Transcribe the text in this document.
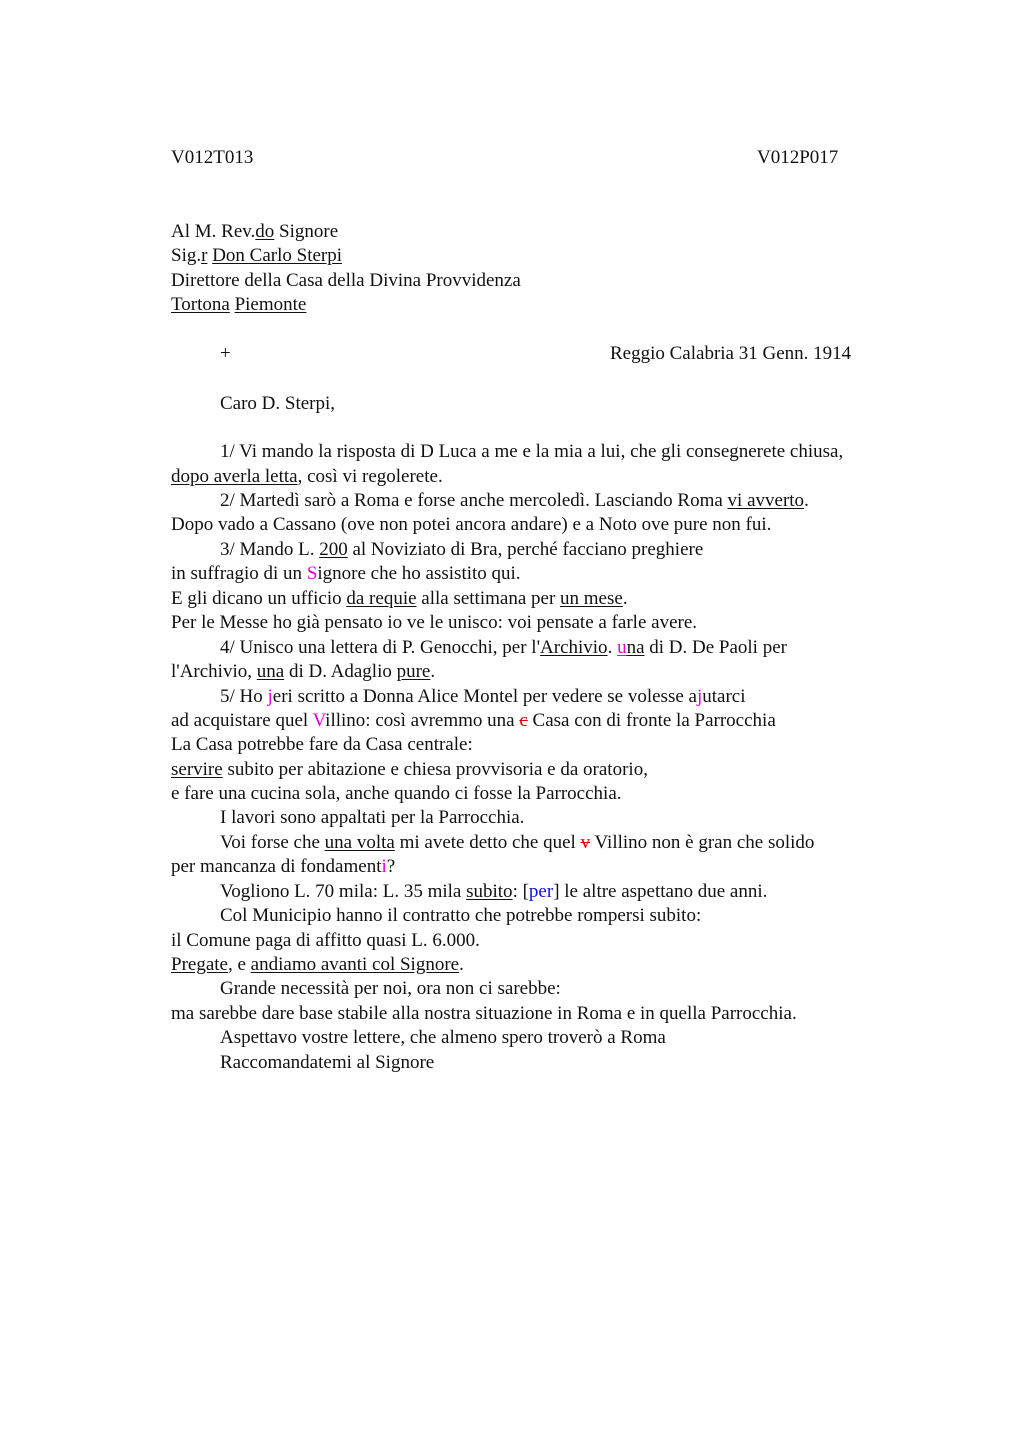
V012T013	V012P017
Al M. Rev.do Signore
Sig.r Don Carlo Sterpi
Direttore della Casa della Divina Provvidenza
Tortona Piemonte
+	Reggio Calabria 31 Genn. 1914
Caro D. Sterpi,
1/ Vi mando la risposta di D Luca a me e la mia a lui, che gli consegnerete chiusa,
dopo averla letta, così vi regolerete.
2/ Martedì sarò a Roma e forse anche mercoledì. Lasciando Roma vi avverto.
Dopo vado a Cassano (ove non potei ancora andare) e a Noto ove pure non fui.
3/ Mando L. 200 al Noviziato di Bra, perché facciano preghiere
in suffragio di un Signore che ho assistito qui.
E gli dicano un ufficio da requie alla settimana per un mese.
Per le Messe ho già pensato io ve le unisco: voi pensate a farle avere.
4/ Unisco una lettera di P. Genocchi, per l'Archivio. una di D. De Paoli per
l'Archivio, una di D. Adaglio pure.
5/ Ho jeri scritto a Donna Alice Montel per vedere se volesse ajutarci
ad acquistare quel Villino: così avremmo una c Casa con di fronte la Parrocchia
La Casa potrebbe fare da Casa centrale:
servire subito per abitazione e chiesa provvisoria e da oratorio,
e fare una cucina sola, anche quando ci fosse la Parrocchia.
I lavori sono appaltati per la Parrocchia.
Voi forse che una volta mi avete detto che quel v Villino non è gran che solido
per mancanza di fondamenti?
Vogliono L. 70 mila: L. 35 mila subito: [per] le altre aspettano due anni.
Col Municipio hanno il contratto che potrebbe rompersi subito:
il Comune paga di affitto quasi L. 6.000.
Pregate, e andiamo avanti col Signore.
Grande necessità per noi, ora non ci sarebbe:
ma sarebbe dare base stabile alla nostra situazione in Roma e in quella Parrocchia.
Aspettavo vostre lettere, che almeno spero troverò a Roma
Raccomandatemi al Signore
